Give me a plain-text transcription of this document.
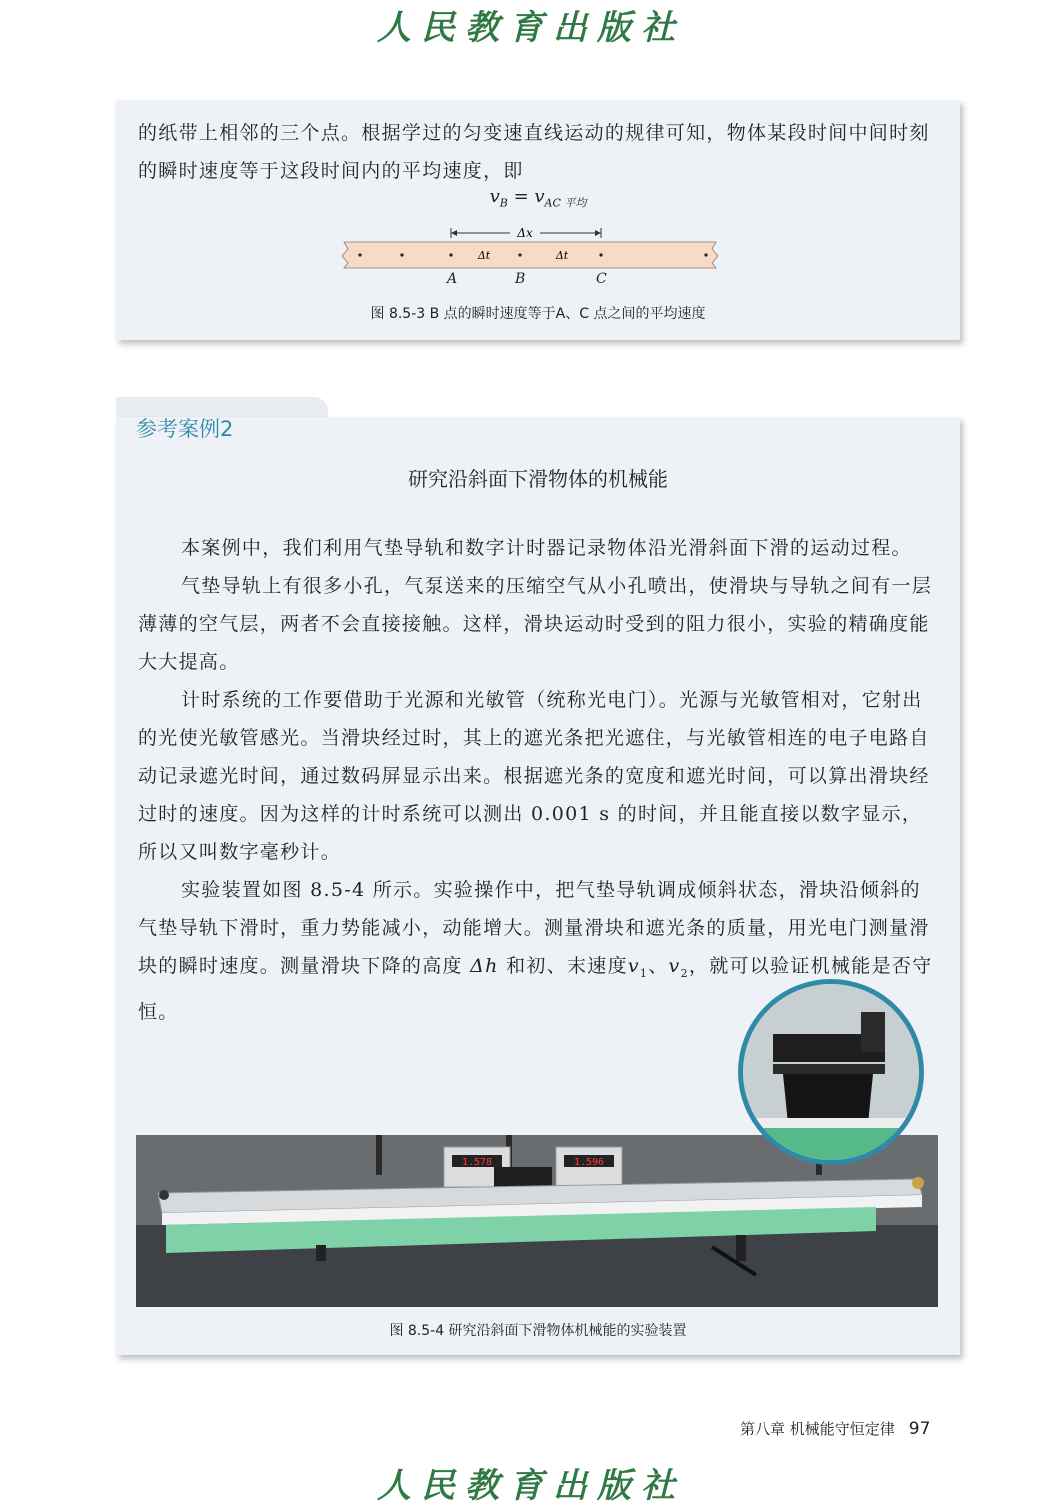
人民教育出版社
的纸带上相邻的三个点。根据学过的匀变速直线运动的规律可知，物体某段时间中间时刻的瞬时速度等于这段时间内的平均速度，即
$v_B = v_{AC 平均}$
Δx
Δt	Δt
A	B	C
图 8.5-3 B 点的瞬时速度等于A、C 点之间的平均速度
研究沿斜面下滑物体的机械能
本案例中，我们利用气垫导轨和数字计时器记录物体沿光滑斜面下滑的运动过程。
气垫导轨上有很多小孔，气泵送来的压缩空气从小孔喷出，使滑块与导轨之间有一层薄薄的空气层，两者不会直接接触。这样，滑块运动时受到的阻力很小，实验的精确度能大大提高。
计时系统的工作要借助于光源和光敏管（统称光电门）。光源与光敏管相对，它射出的光使光敏管感光。当滑块经过时，其上的遮光条把光遮住，与光敏管相连的电子电路自动记录遮光时间，通过数码屏显示出来。根据遮光条的宽度和遮光时间，可以算出滑块经过时的速度。因为这样的计时系统可以测出 0.001 s 的时间，并且能直接以数字显示，所以又叫数字毫秒计。
实验装置如图 8.5-4 所示。实验操作中，把气垫导轨调成倾斜状态，滑块沿倾斜的气垫导轨下滑时，重力势能减小，动能增大。测量滑块和遮光条的质量，用光电门测量滑块的瞬时速度。测量滑块下降的高度 Δh 和初、末速度$v_1$、$v_2$，就可以验证机械能是否守恒。
1.578	1.596
图 8.5-4 研究沿斜面下滑物体机械能的实验装置
参考案例2
第八章 机械能守恒定律 97
人民教育出版社
